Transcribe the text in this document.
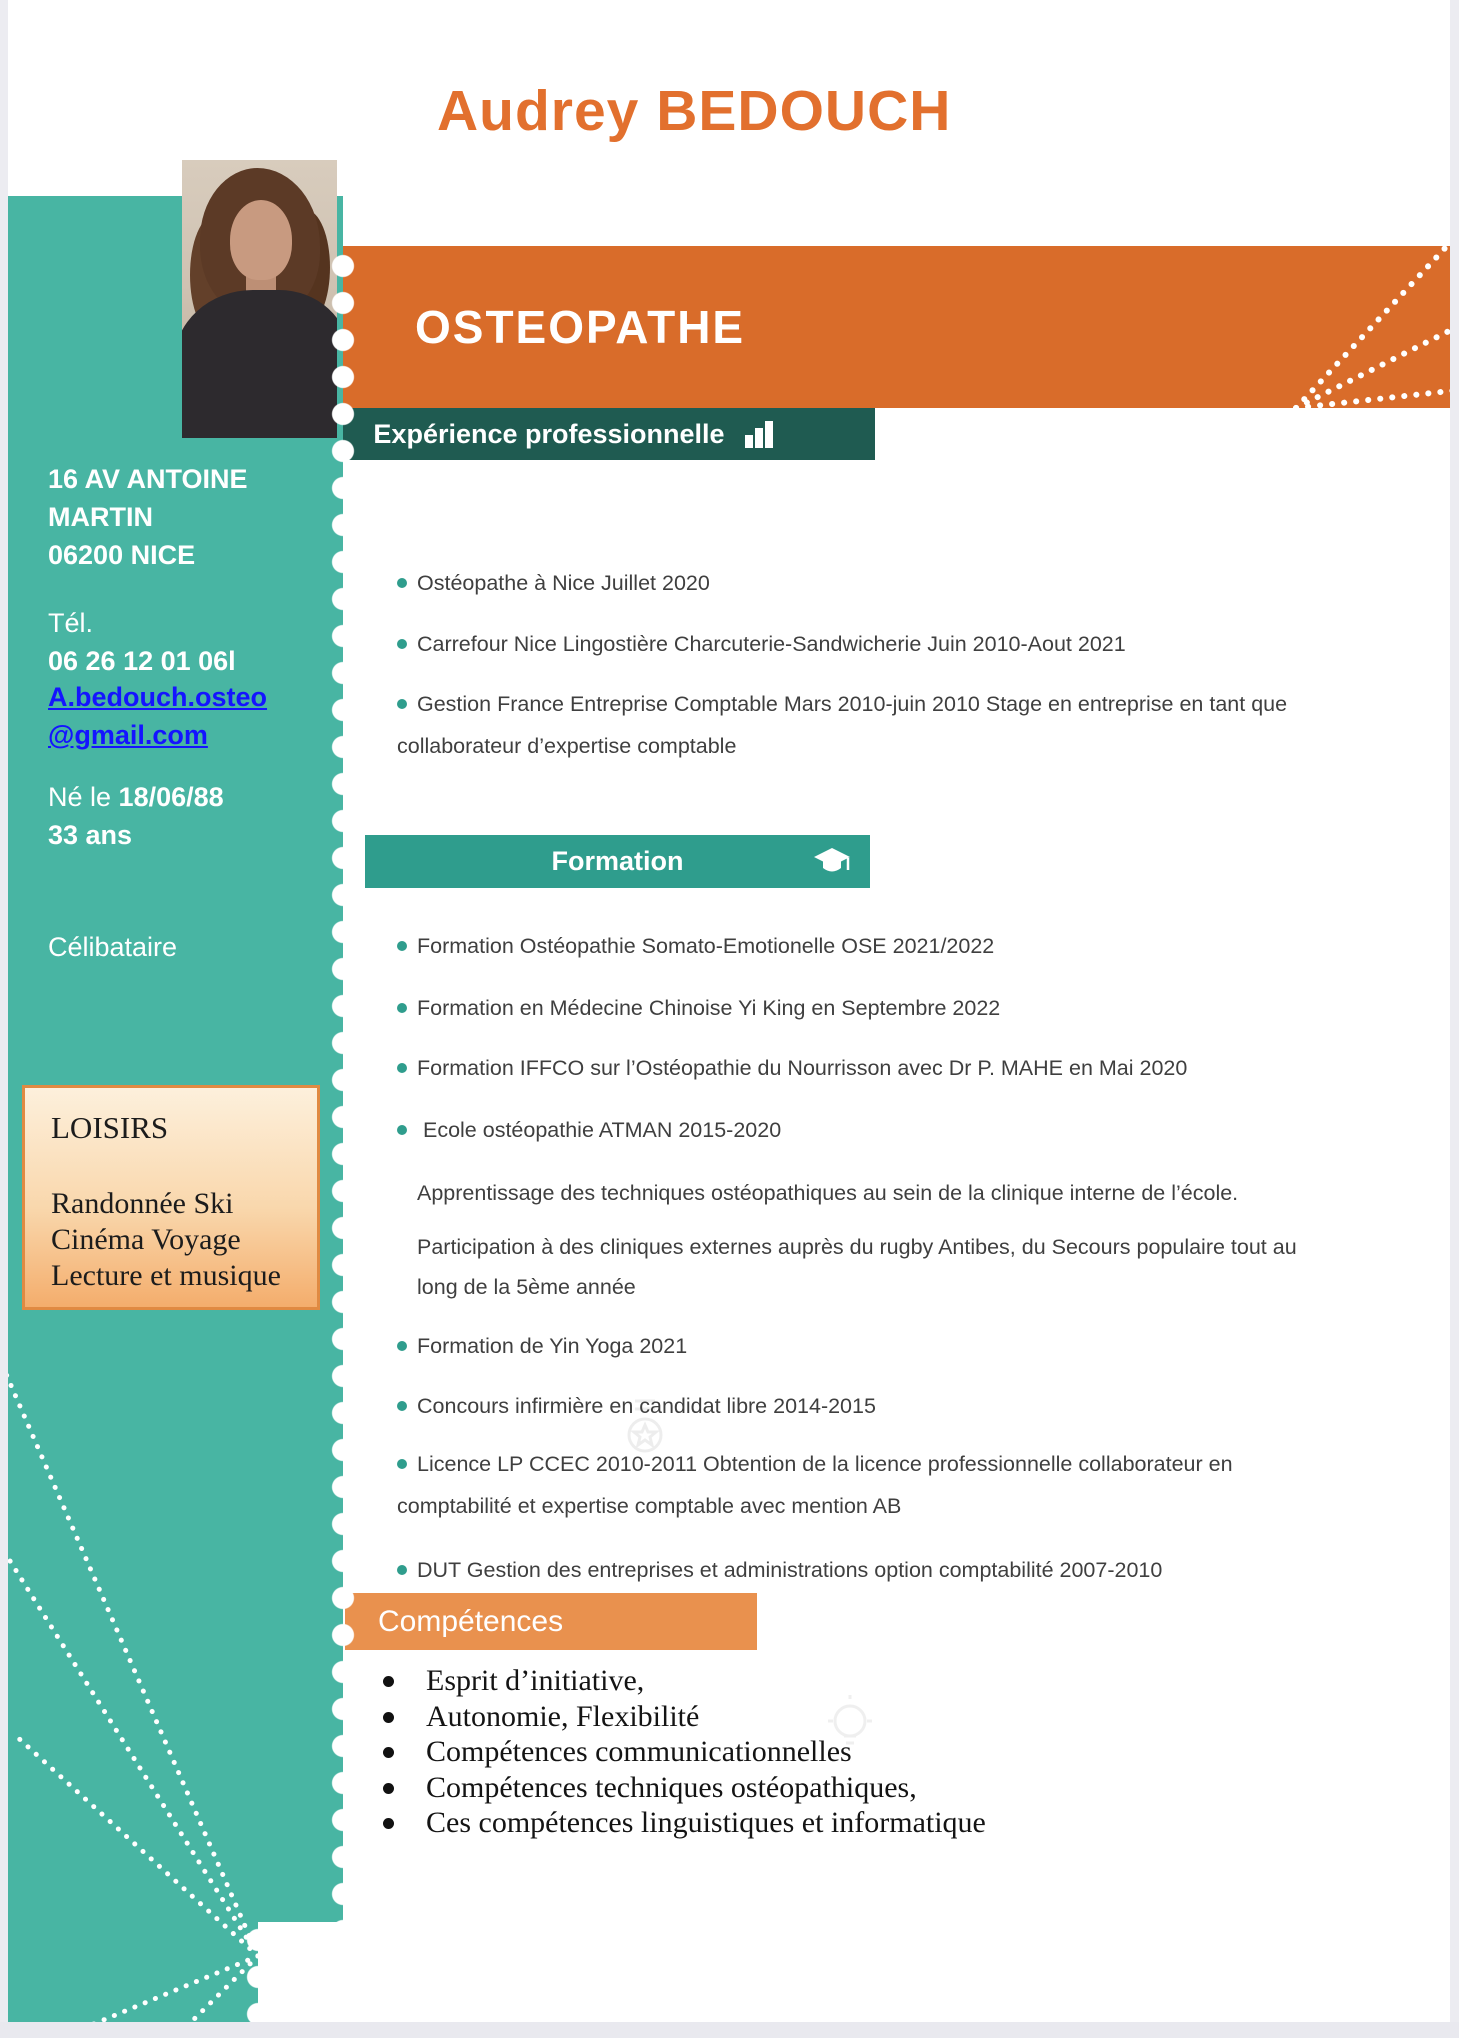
Audrey BEDOUCH
OSTEOPATHE
16 AV ANTOINE
MARTIN
06200 NICE
Tél.
06 26 12 01 06l
A.bedouch.osteo
@gmail.com
Né le 18/06/88
33 ans
Célibataire
LOISIRS
Randonnée Ski
Cinéma Voyage
Lecture et musique
Expérience professionnelle
Ostéopathe à Nice Juillet 2020
Carrefour Nice Lingostière Charcuterie-Sandwicherie Juin 2010-Aout 2021
Gestion France Entreprise Comptable Mars 2010-juin 2010 Stage en entreprise en tant que collaborateur d’expertise comptable
Formation
Formation Ostéopathie Somato-Emotionelle OSE 2021/2022
Formation en Médecine Chinoise Yi King en Septembre 2022
Formation IFFCO sur l’Ostéopathie du Nourrisson avec Dr P. MAHE en Mai 2020
Ecole ostéopathie ATMAN 2015-2020
Apprentissage des techniques ostéopathiques au sein de la clinique interne de l’école.
Participation à des cliniques externes auprès du rugby Antibes, du Secours populaire tout au long de la 5ème année
Formation de Yin Yoga 2021
Concours infirmière en candidat libre 2014-2015
Licence LP CCEC 2010-2011 Obtention de la licence professionnelle collaborateur en comptabilité et expertise comptable avec mention AB
DUT Gestion des entreprises et administrations option comptabilité 2007-2010
Compétences
Esprit d’initiative,
Autonomie, Flexibilité
Compétences communicationnelles
Compétences techniques ostéopathiques,
Ces compétences linguistiques et informatique
